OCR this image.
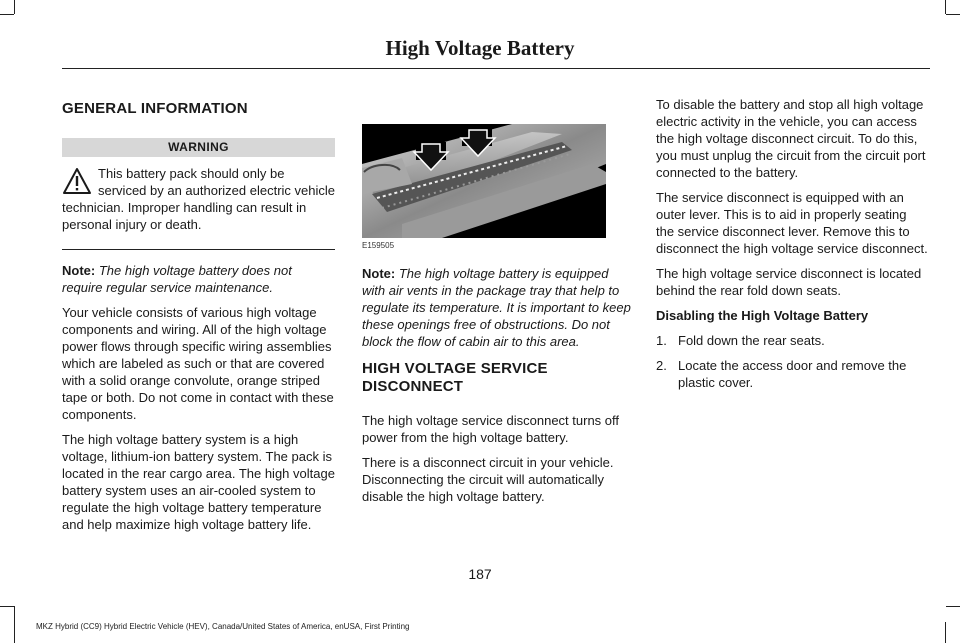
High Voltage Battery
GENERAL INFORMATION
WARNING

This battery pack should only be serviced by an authorized electric vehicle technician. Improper handling can result in personal injury or death.

Note: The high voltage battery does not require regular service maintenance.

Your vehicle consists of various high voltage components and wiring. All of the high voltage power flows through specific wiring assemblies which are labeled as such or that are covered with a solid orange convolute, orange striped tape or both. Do not come in contact with these components.

The high voltage battery system is a high voltage, lithium-ion battery system. The pack is located in the rear cargo area. The high voltage battery system uses an air-cooled system to regulate the high voltage battery temperature and help maximize high voltage battery life.

E159505

Note: The high voltage battery is equipped with air vents in the package tray that help to regulate its temperature. It is important to keep these openings free of obstructions. Do not block the flow of cabin air to this area.

HIGH VOLTAGE SERVICE DISCONNECT

The high voltage service disconnect turns off power from the high voltage battery.

There is a disconnect circuit in your vehicle. Disconnecting the circuit will automatically disable the high voltage battery.

To disable the battery and stop all high voltage electric activity in the vehicle, you can access the high voltage disconnect circuit. To do this, you must unplug the circuit from the circuit port connected to the battery.

The service disconnect is equipped with an outer lever. This is to aid in properly seating the service disconnect lever. Remove this to disconnect the high voltage service disconnect.

The high voltage service disconnect is located behind the rear fold down seats.

Disabling the High Voltage Battery

1. Fold down the rear seats.
2. Locate the access door and remove the plastic cover.
187
MKZ Hybrid (CC9) Hybrid Electric Vehicle (HEV), Canada/United States of America, enUSA, First Printing
